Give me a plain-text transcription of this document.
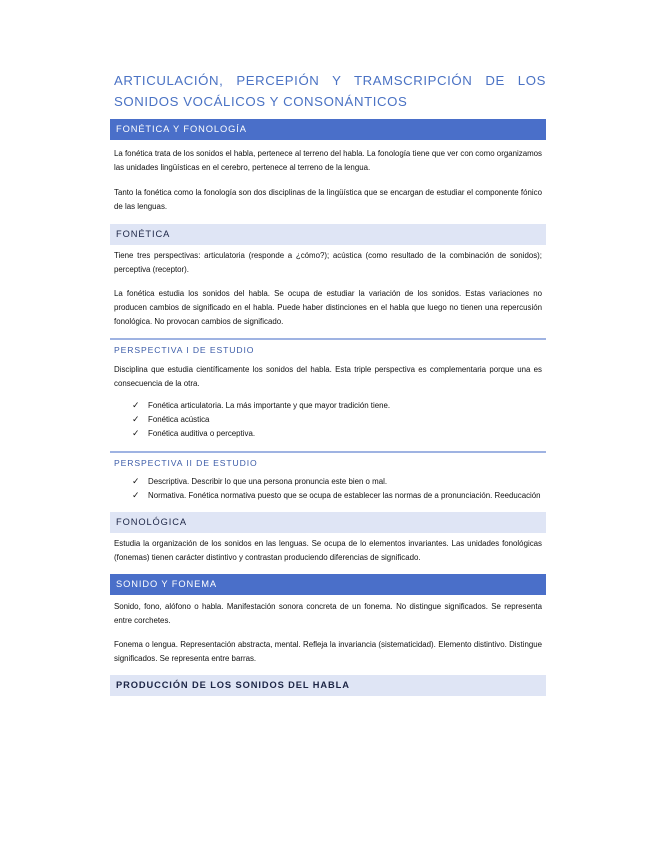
ARTICULACIÓN, PERCEPIÓN Y TRAMSCRIPCIÓN DE LOS SONIDOS VOCÁLICOS Y CONSONÁNTICOS
FONÉTICA Y FONOLOGÍA

La fonética trata de los sonidos el habla, pertenece al terreno del habla. La fonología tiene que ver con como organizamos las unidades lingüísticas en el cerebro, pertenece al terreno de la lengua.

Tanto la fonética como la fonología son dos disciplinas de la lingüística que se encargan de estudiar el componente fónico de las lenguas.

FONÉTICA

Tiene tres perspectivas: articulatoria (responde a ¿cómo?); acústica (como resultado de la combinación de sonidos); perceptiva (receptor).

La fonética estudia los sonidos del habla. Se ocupa de estudiar la variación de los sonidos. Estas variaciones no producen cambios de significado en el habla. Puede haber distinciones en el habla que luego no tienen una repercusión fonológica. No provocan cambios de significado.

PERSPECTIVA I DE ESTUDIO

Disciplina que estudia científicamente los sonidos del habla. Esta triple perspectiva es complementaria porque una es consecuencia de la otra.

✓	Fonética articulatoria. La más importante y que mayor tradición tiene.
✓	Fonética acústica
✓	Fonética auditiva o perceptiva.
PERSPECTIVA II DE ESTUDIO
✓	Descriptiva. Describir lo que una persona pronuncia este bien o mal.
✓	Normativa. Fonética normativa puesto que se ocupa de establecer las normas de a pronunciación. Reeducación
FONOLÓGICA

Estudia la organización de los sonidos en las lenguas. Se ocupa de lo elementos invariantes. Las unidades fonológicas (fonemas) tienen carácter distintivo y contrastan produciendo diferencias de significado.

SONIDO Y FONEMA

Sonido, fono, alófono o habla. Manifestación sonora concreta de un fonema. No distingue significados. Se representa entre corchetes.

Fonema o lengua. Representación abstracta, mental. Refleja la invariancia (sistematicidad). Elemento distintivo. Distingue significados. Se representa entre barras.

PRODUCCIÓN DE LOS SONIDOS DEL HABLA
